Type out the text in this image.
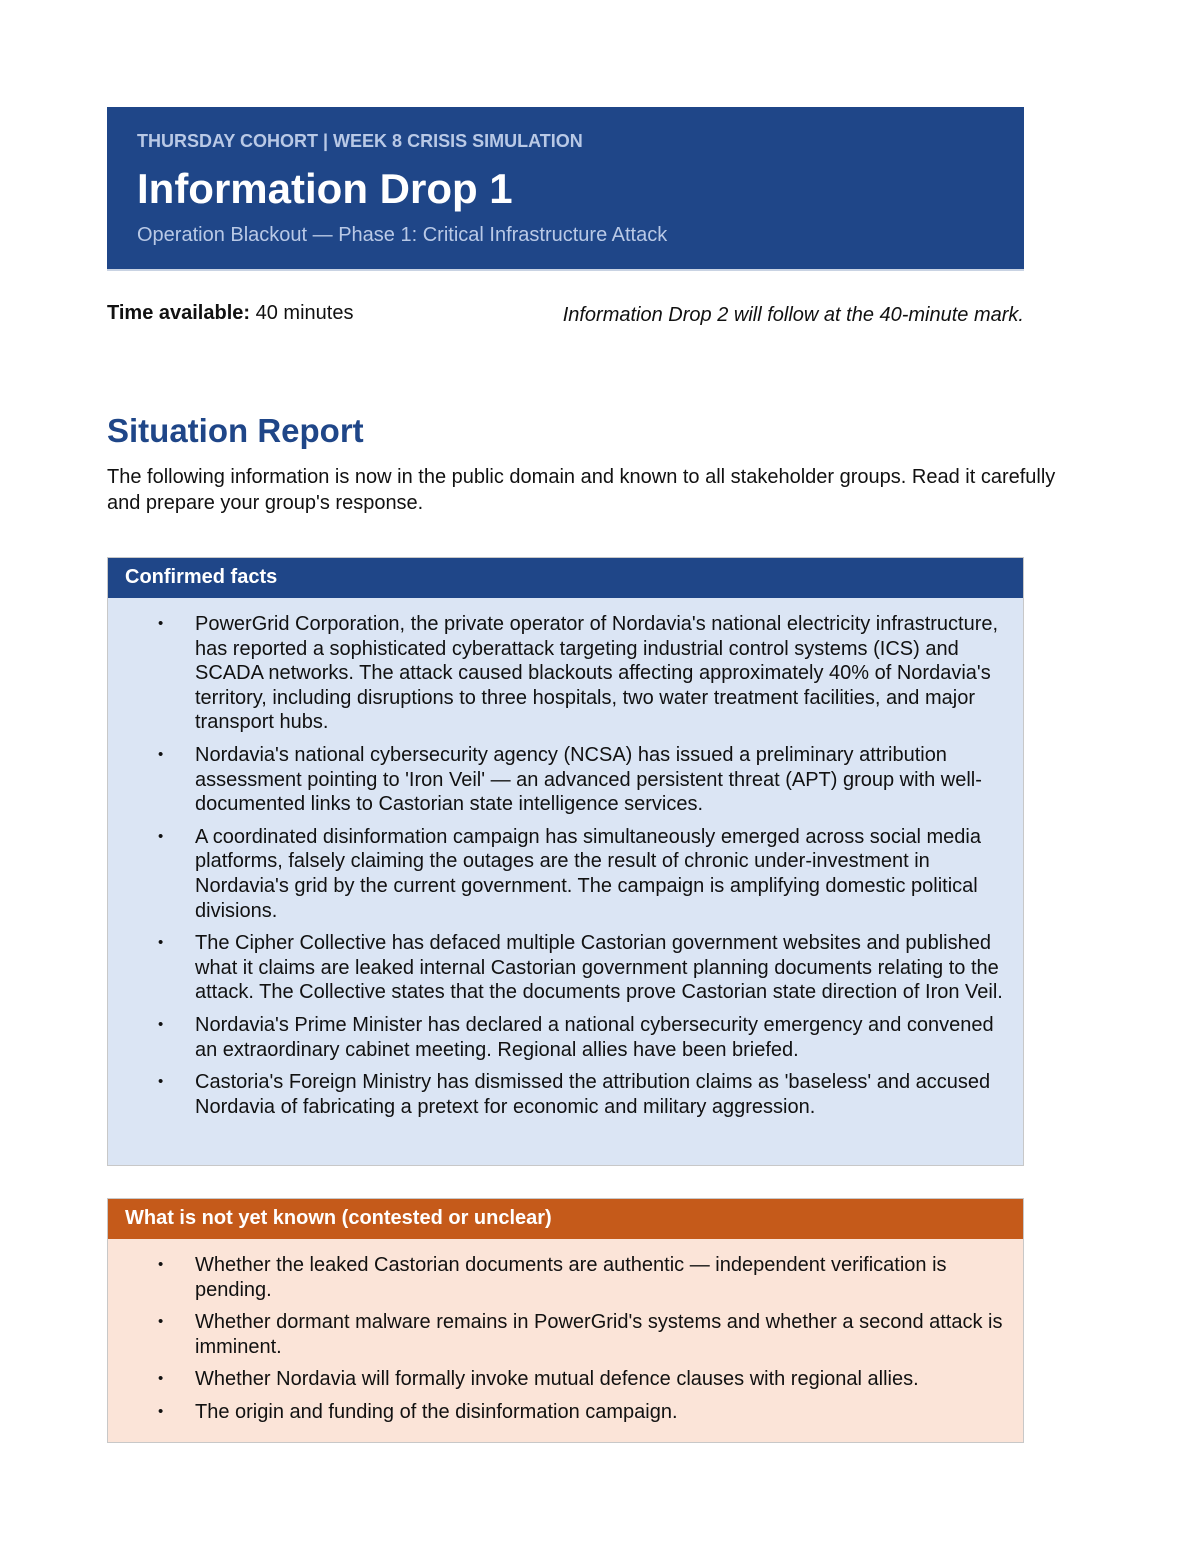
THURSDAY COHORT | WEEK 8 CRISIS SIMULATION
Information Drop 1
Operation Blackout — Phase 1: Critical Infrastructure Attack
Time available: 40 minutes	Information Drop 2 will follow at the 40-minute mark.
Situation Report

The following information is now in the public domain and known to all stakeholder groups. Read it carefully and prepare your group's response.

Confirmed facts
• PowerGrid Corporation, the private operator of Nordavia's national electricity infrastructure, has reported a sophisticated cyberattack targeting industrial control systems (ICS) and SCADA networks. The attack caused blackouts affecting approximately 40% of Nordavia's territory, including disruptions to three hospitals, two water treatment facilities, and major transport hubs.
• Nordavia's national cybersecurity agency (NCSA) has issued a preliminary attribution assessment pointing to 'Iron Veil' — an advanced persistent threat (APT) group with well-documented links to Castorian state intelligence services.
• A coordinated disinformation campaign has simultaneously emerged across social media platforms, falsely claiming the outages are the result of chronic under-investment in Nordavia's grid by the current government. The campaign is amplifying domestic political divisions.
• The Cipher Collective has defaced multiple Castorian government websites and published what it claims are leaked internal Castorian government planning documents relating to the attack. The Collective states that the documents prove Castorian state direction of Iron Veil.
• Nordavia's Prime Minister has declared a national cybersecurity emergency and convened an extraordinary cabinet meeting. Regional allies have been briefed.
• Castoria's Foreign Ministry has dismissed the attribution claims as 'baseless' and accused Nordavia of fabricating a pretext for economic and military aggression.
What is not yet known (contested or unclear)
• Whether the leaked Castorian documents are authentic — independent verification is pending.
• Whether dormant malware remains in PowerGrid's systems and whether a second attack is imminent.
• Whether Nordavia will formally invoke mutual defence clauses with regional allies.
• The origin and funding of the disinformation campaign.
